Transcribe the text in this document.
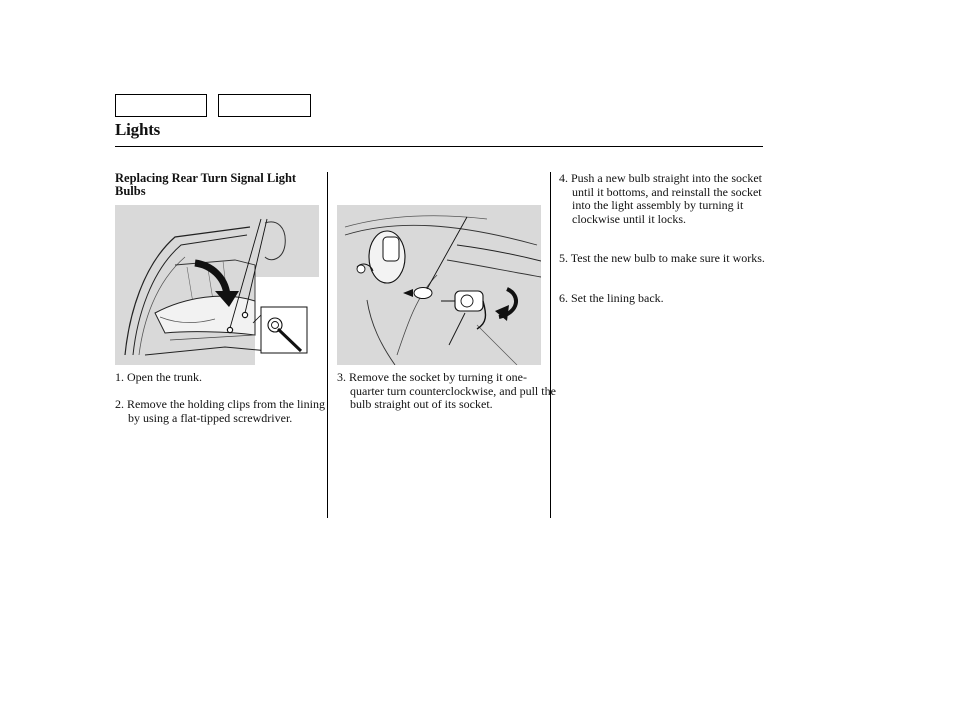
Lights
Replacing Rear Turn Signal Light Bulbs
1. Open the trunk.
2. Remove the holding clips from the lining by using a flat-tipped screwdriver.
3. Remove the socket by turning it one-quarter turn counterclockwise, and pull the bulb straight out of its socket.
4. Push a new bulb straight into the socket until it bottoms, and reinstall the socket into the light assembly by turning it clockwise until it locks.
5. Test the new bulb to make sure it works.
6. Set the lining back.
